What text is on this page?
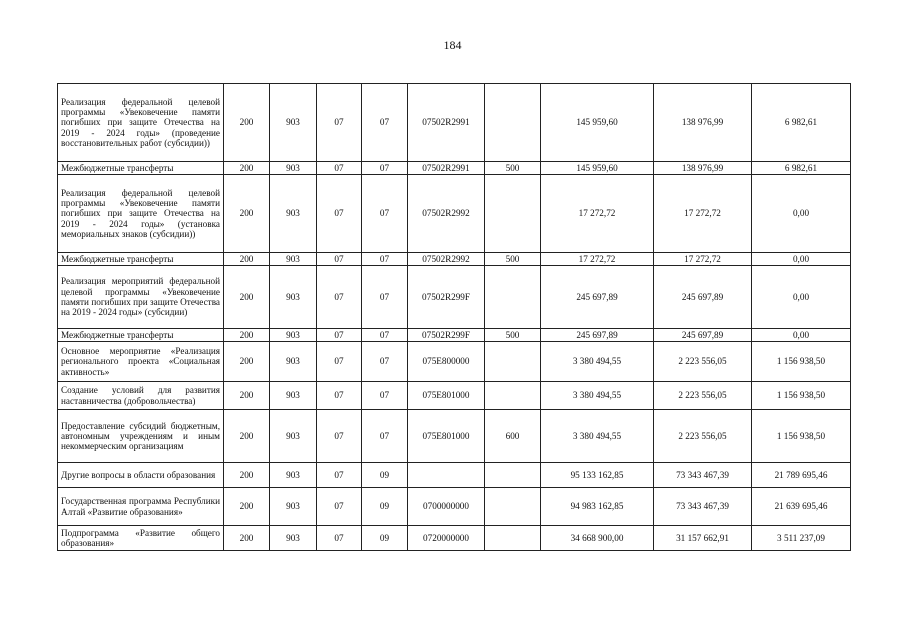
184
Реализация федеральной целевой программы «Увековечение памяти погибших при защите Отечества на 2019 - 2024 годы» (проведение восстановительных работ (субсидии))	200	903	07	07	07502R2991		145 959,60	138 976,99	6 982,61
Межбюджетные трансферты	200	903	07	07	07502R2991	500	145 959,60	138 976,99	6 982,61
Реализация федеральной целевой программы «Увековечение памяти погибших при защите Отечества на 2019 - 2024 годы» (установка мемориальных знаков (субсидии))	200	903	07	07	07502R2992		17 272,72	17 272,72	0,00
Межбюджетные трансферты	200	903	07	07	07502R2992	500	17 272,72	17 272,72	0,00
Реализация мероприятий федеральной целевой программы «Увековечение памяти погибших при защите Отечества на 2019 - 2024 годы» (субсидии)	200	903	07	07	07502R299F		245 697,89	245 697,89	0,00
Межбюджетные трансферты	200	903	07	07	07502R299F	500	245 697,89	245 697,89	0,00
Основное мероприятие «Реализация регионального проекта «Социальная активность»	200	903	07	07	075E800000		3 380 494,55	2 223 556,05	1 156 938,50
Создание условий для развития наставничества (добровольчества)	200	903	07	07	075E801000		3 380 494,55	2 223 556,05	1 156 938,50
Предоставление субсидий бюджетным, автономным учреждениям и иным некоммерческим организациям	200	903	07	07	075E801000	600	3 380 494,55	2 223 556,05	1 156 938,50
Другие вопросы в области образования	200	903	07	09			95 133 162,85	73 343 467,39	21 789 695,46
Государственная программа Республики Алтай «Развитие образования»	200	903	07	09	0700000000		94 983 162,85	73 343 467,39	21 639 695,46
Подпрограмма «Развитие общего образования»	200	903	07	09	0720000000		34 668 900,00	31 157 662,91	3 511 237,09
